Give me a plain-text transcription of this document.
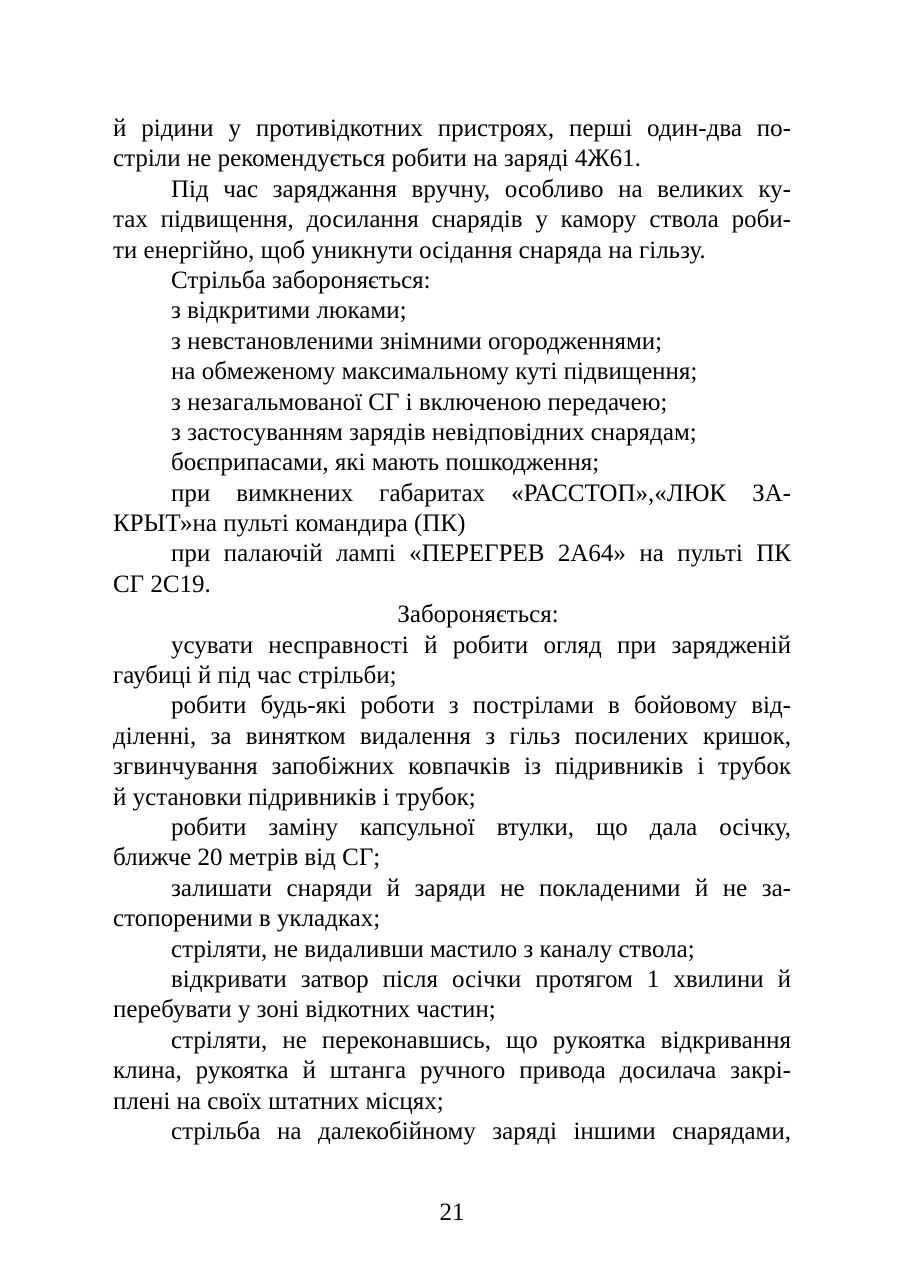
й рідини у противідкотних пристроях, перші один-два по-
стріли не рекомендується робити на заряді 4Ж61.
Під час заряджання вручну, особливо на великих ку-
тах підвищення, досилання снарядів у камору ствола роби-
ти енергійно, щоб уникнути осідання снаряда на гільзу.
Стрільба забороняється:
з відкритими люками;
з невстановленими знімними огородженнями;
на обмеженому максимальному куті підвищення;
з незагальмованої СГ і включеною передачею;
з застосуванням зарядів невідповідних снарядам;
боєприпасами, які мають пошкодження;
при вимкнених габаритах «РАССТОП»,«ЛЮК ЗА-
КРЫТ»на пульті командира (ПК)
при палаючій лампі «ПЕРЕГРЕВ 2А64» на пульті ПК
СГ 2С19.
Забороняється:
усувати несправності й робити огляд при зарядженій
гаубиці й під час стрільби;
робити будь-які роботи з пострілами в бойовому від-
діленні, за винятком видалення з гільз посилених кришок,
згвинчування запобіжних ковпачків із підривників і трубок
й установки підривників і трубок;
робити заміну капсульної втулки, що дала осічку,
ближче 20 метрів від СГ;
залишати снаряди й заряди не покладеними й не за-
стопореними в укладках;
стріляти, не видаливши мастило з каналу ствола;
відкривати затвор після осічки протягом 1 хвилини й
перебувати у зоні відкотних частин;
стріляти, не переконавшись, що рукоятка відкривання
клина, рукоятка й штанга ручного привода досилача закрі-
плені на своїх штатних місцях;
стрільба на далекобійному заряді іншими снарядами,
21
